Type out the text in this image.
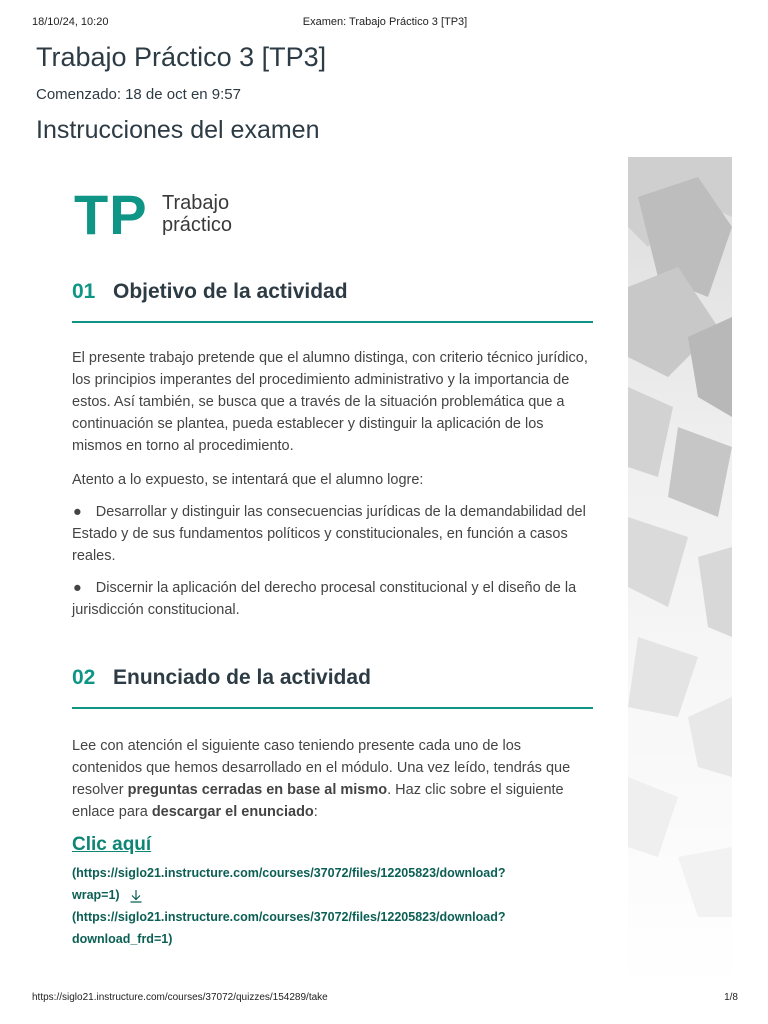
18/10/24, 10:20	Examen: Trabajo Práctico 3 [TP3]
Trabajo Práctico 3 [TP3]
Comenzado: 18 de oct en 9:57
Instrucciones del examen
TP Trabajo
práctico
01 Objetivo de la actividad

El presente trabajo pretende que el alumno distinga, con criterio técnico jurídico, los principios imperantes del procedimiento administrativo y la importancia de estos. Así también, se busca que a través de la situación problemática que a continuación se plantea, pueda establecer y distinguir la aplicación de los mismos en torno al procedimiento.

Atento a lo expuesto, se intentará que el alumno logre:

● Desarrollar y distinguir las consecuencias jurídicas de la demandabilidad del Estado y de sus fundamentos políticos y constitucionales, en función a casos reales.

● Discernir la aplicación del derecho procesal constitucional y el diseño de la jurisdicción constitucional.

02 Enunciado de la actividad

Lee con atención el siguiente caso teniendo presente cada uno de los contenidos que hemos desarrollado en el módulo. Una vez leído, tendrás que resolver preguntas cerradas en base al mismo. Haz clic sobre el siguiente enlace para descargar el enunciado:

Clic aquí
(https://siglo21.instructure.com/courses/37072/files/12205823/download?
wrap=1)
(https://siglo21.instructure.com/courses/37072/files/12205823/download?
download_frd=1)
https://siglo21.instructure.com/courses/37072/quizzes/154289/take	1/8
